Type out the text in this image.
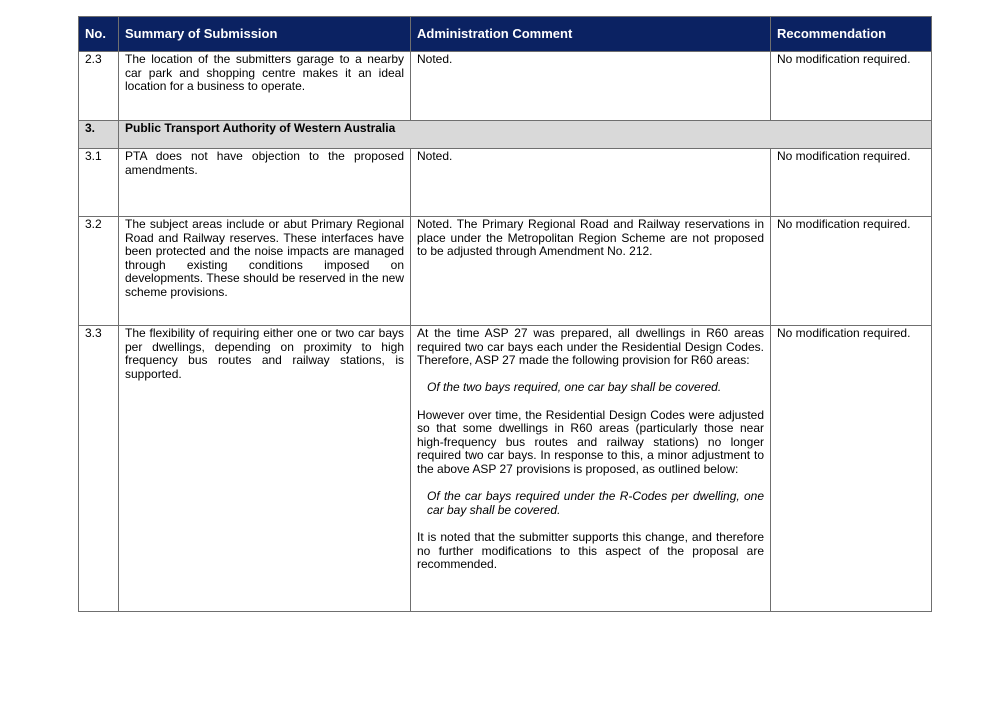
No.	Summary of Submission	Administration Comment	Recommendation
2.3	The location of the submitters garage to a nearby car park and shopping centre makes it an ideal location for a business to operate.	Noted.	No modification required.
3.	Public Transport Authority of Western Australia		
3.1	PTA does not have objection to the proposed amendments.	Noted.	No modification required.
3.2	The subject areas include or abut Primary Regional Road and Railway reserves. These interfaces have been protected and the noise impacts are managed through existing conditions imposed on developments. These should be reserved in the new scheme provisions.	Noted. The Primary Regional Road and Railway reservations in place under the Metropolitan Region Scheme are not proposed to be adjusted through Amendment No. 212.	No modification required.
3.3	The flexibility of requiring either one or two car bays per dwellings, depending on proximity to high frequency bus routes and railway stations, is supported.	At the time ASP 27 was prepared, all dwellings in R60 areas required two car bays each under the Residential Design Codes. Therefore, ASP 27 made the following provision for R60 areas:

Of the two bays required, one car bay shall be covered.

However over time, the Residential Design Codes were adjusted so that some dwellings in R60 areas (particularly those near high-frequency bus routes and railway stations) no longer required two car bays. In response to this, a minor adjustment to the above ASP 27 provisions is proposed, as outlined below:

Of the car bays required under the R-Codes per dwelling, one car bay shall be covered.

It is noted that the submitter supports this change, and therefore no further modifications to this aspect of the proposal are recommended.	No modification required.
